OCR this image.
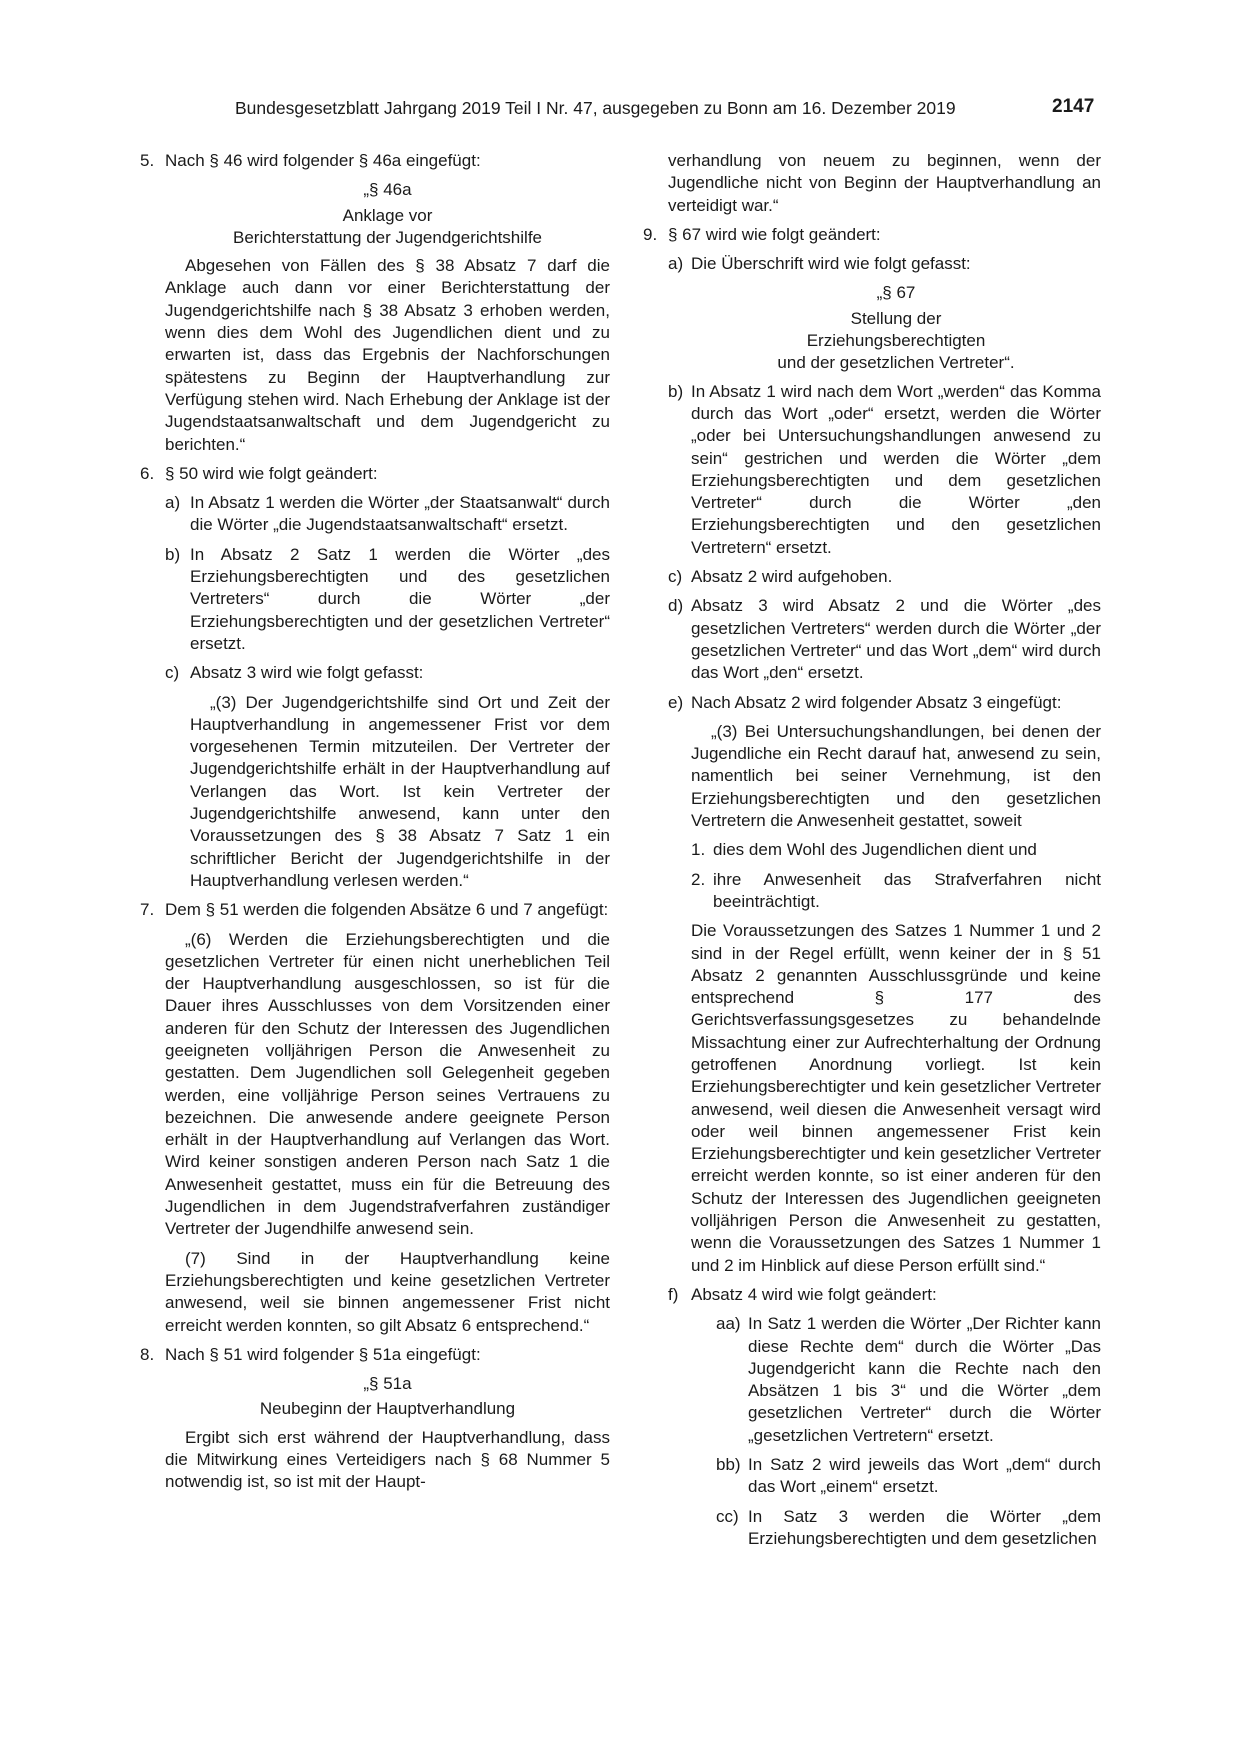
Bundesgesetzblatt Jahrgang 2019 Teil I Nr. 47, ausgegeben zu Bonn am 16. Dezember 2019	2147
5. Nach § 46 wird folgender § 46a eingefügt:

„§ 46a

Anklage vor

Berichterstattung der Jugendgerichtshilfe

Abgesehen von Fällen des § 38 Absatz 7 darf die Anklage auch dann vor einer Berichterstattung der Jugendgerichtshilfe nach § 38 Absatz 3 erhoben werden, wenn dies dem Wohl des Jugendlichen dient und zu erwarten ist, dass das Ergebnis der Nachforschungen spätestens zu Beginn der Hauptverhandlung zur Verfügung stehen wird. Nach Erhebung der Anklage ist der Jugendstaatsanwaltschaft und dem Jugendgericht zu berichten.“

6. § 50 wird wie folgt geändert:
a) In Absatz 1 werden die Wörter „der Staatsanwalt“ durch die Wörter „die Jugendstaatsanwaltschaft“ ersetzt.
b) In Absatz 2 Satz 1 werden die Wörter „des Erziehungsberechtigten und des gesetzlichen Vertreters“ durch die Wörter „der Erziehungsberechtigten und der gesetzlichen Vertreter“ ersetzt.
c) Absatz 3 wird wie folgt gefasst:

„(3) Der Jugendgerichtshilfe sind Ort und Zeit der Hauptverhandlung in angemessener Frist vor dem vorgesehenen Termin mitzuteilen. Der Vertreter der Jugendgerichtshilfe erhält in der Hauptverhandlung auf Verlangen das Wort. Ist kein Vertreter der Jugendgerichtshilfe anwesend, kann unter den Voraussetzungen des § 38 Absatz 7 Satz 1 ein schriftlicher Bericht der Jugendgerichtshilfe in der Hauptverhandlung verlesen werden.“

7. Dem § 51 werden die folgenden Absätze 6 und 7 angefügt:

„(6) Werden die Erziehungsberechtigten und die gesetzlichen Vertreter für einen nicht unerheblichen Teil der Hauptverhandlung ausgeschlossen, so ist für die Dauer ihres Ausschlusses von dem Vorsitzenden einer anderen für den Schutz der Interessen des Jugendlichen geeigneten volljährigen Person die Anwesenheit zu gestatten. Dem Jugendlichen soll Gelegenheit gegeben werden, eine volljährige Person seines Vertrauens zu bezeichnen. Die anwesende andere geeignete Person erhält in der Hauptverhandlung auf Verlangen das Wort. Wird keiner sonstigen anderen Person nach Satz 1 die Anwesenheit gestattet, muss ein für die Betreuung des Jugendlichen in dem Jugendstrafverfahren zuständiger Vertreter der Jugendhilfe anwesend sein.

(7) Sind in der Hauptverhandlung keine Erziehungsberechtigten und keine gesetzlichen Vertreter anwesend, weil sie binnen angemessener Frist nicht erreicht werden konnten, so gilt Absatz 6 entsprechend.“

8. Nach § 51 wird folgender § 51a eingefügt:

„§ 51a

Neubeginn der Hauptverhandlung

Ergibt sich erst während der Hauptverhandlung, dass die Mitwirkung eines Verteidigers nach § 68 Nummer 5 notwendig ist, so ist mit der Haupt-

verhandlung von neuem zu beginnen, wenn der Jugendliche nicht von Beginn der Hauptverhandlung an verteidigt war.“

9. § 67 wird wie folgt geändert:
a) Die Überschrift wird wie folgt gefasst:

„§ 67

Stellung der

Erziehungsberechtigten

und der gesetzlichen Vertreter“.

b) In Absatz 1 wird nach dem Wort „werden“ das Komma durch das Wort „oder“ ersetzt, werden die Wörter „oder bei Untersuchungshandlungen anwesend zu sein“ gestrichen und werden die Wörter „dem Erziehungsberechtigten und dem gesetzlichen Vertreter“ durch die Wörter „den Erziehungsberechtigten und den gesetzlichen Vertretern“ ersetzt.
c) Absatz 2 wird aufgehoben.
d) Absatz 3 wird Absatz 2 und die Wörter „des gesetzlichen Vertreters“ werden durch die Wörter „der gesetzlichen Vertreter“ und das Wort „dem“ wird durch das Wort „den“ ersetzt.
e) Nach Absatz 2 wird folgender Absatz 3 eingefügt:

„(3) Bei Untersuchungshandlungen, bei denen der Jugendliche ein Recht darauf hat, anwesend zu sein, namentlich bei seiner Vernehmung, ist den Erziehungsberechtigten und den gesetzlichen Vertretern die Anwesenheit gestattet, soweit

1. dies dem Wohl des Jugendlichen dient und
2. ihre Anwesenheit das Strafverfahren nicht beeinträchtigt.

Die Voraussetzungen des Satzes 1 Nummer 1 und 2 sind in der Regel erfüllt, wenn keiner der in § 51 Absatz 2 genannten Ausschlussgründe und keine entsprechend § 177 des Gerichtsverfassungsgesetzes zu behandelnde Missachtung einer zur Aufrechterhaltung der Ordnung getroffenen Anordnung vorliegt. Ist kein Erziehungsberechtigter und kein gesetzlicher Vertreter anwesend, weil diesen die Anwesenheit versagt wird oder weil binnen angemessener Frist kein Erziehungsberechtigter und kein gesetzlicher Vertreter erreicht werden konnte, so ist einer anderen für den Schutz der Interessen des Jugendlichen geeigneten volljährigen Person die Anwesenheit zu gestatten, wenn die Voraussetzungen des Satzes 1 Nummer 1 und 2 im Hinblick auf diese Person erfüllt sind.“

f) Absatz 4 wird wie folgt geändert:
aa) In Satz 1 werden die Wörter „Der Richter kann diese Rechte dem“ durch die Wörter „Das Jugendgericht kann die Rechte nach den Absätzen 1 bis 3“ und die Wörter „dem gesetzlichen Vertreter“ durch die Wörter „gesetzlichen Vertretern“ ersetzt.
bb) In Satz 2 wird jeweils das Wort „dem“ durch das Wort „einem“ ersetzt.
cc) In Satz 3 werden die Wörter „dem Erziehungsberechtigten und dem gesetzlichen
